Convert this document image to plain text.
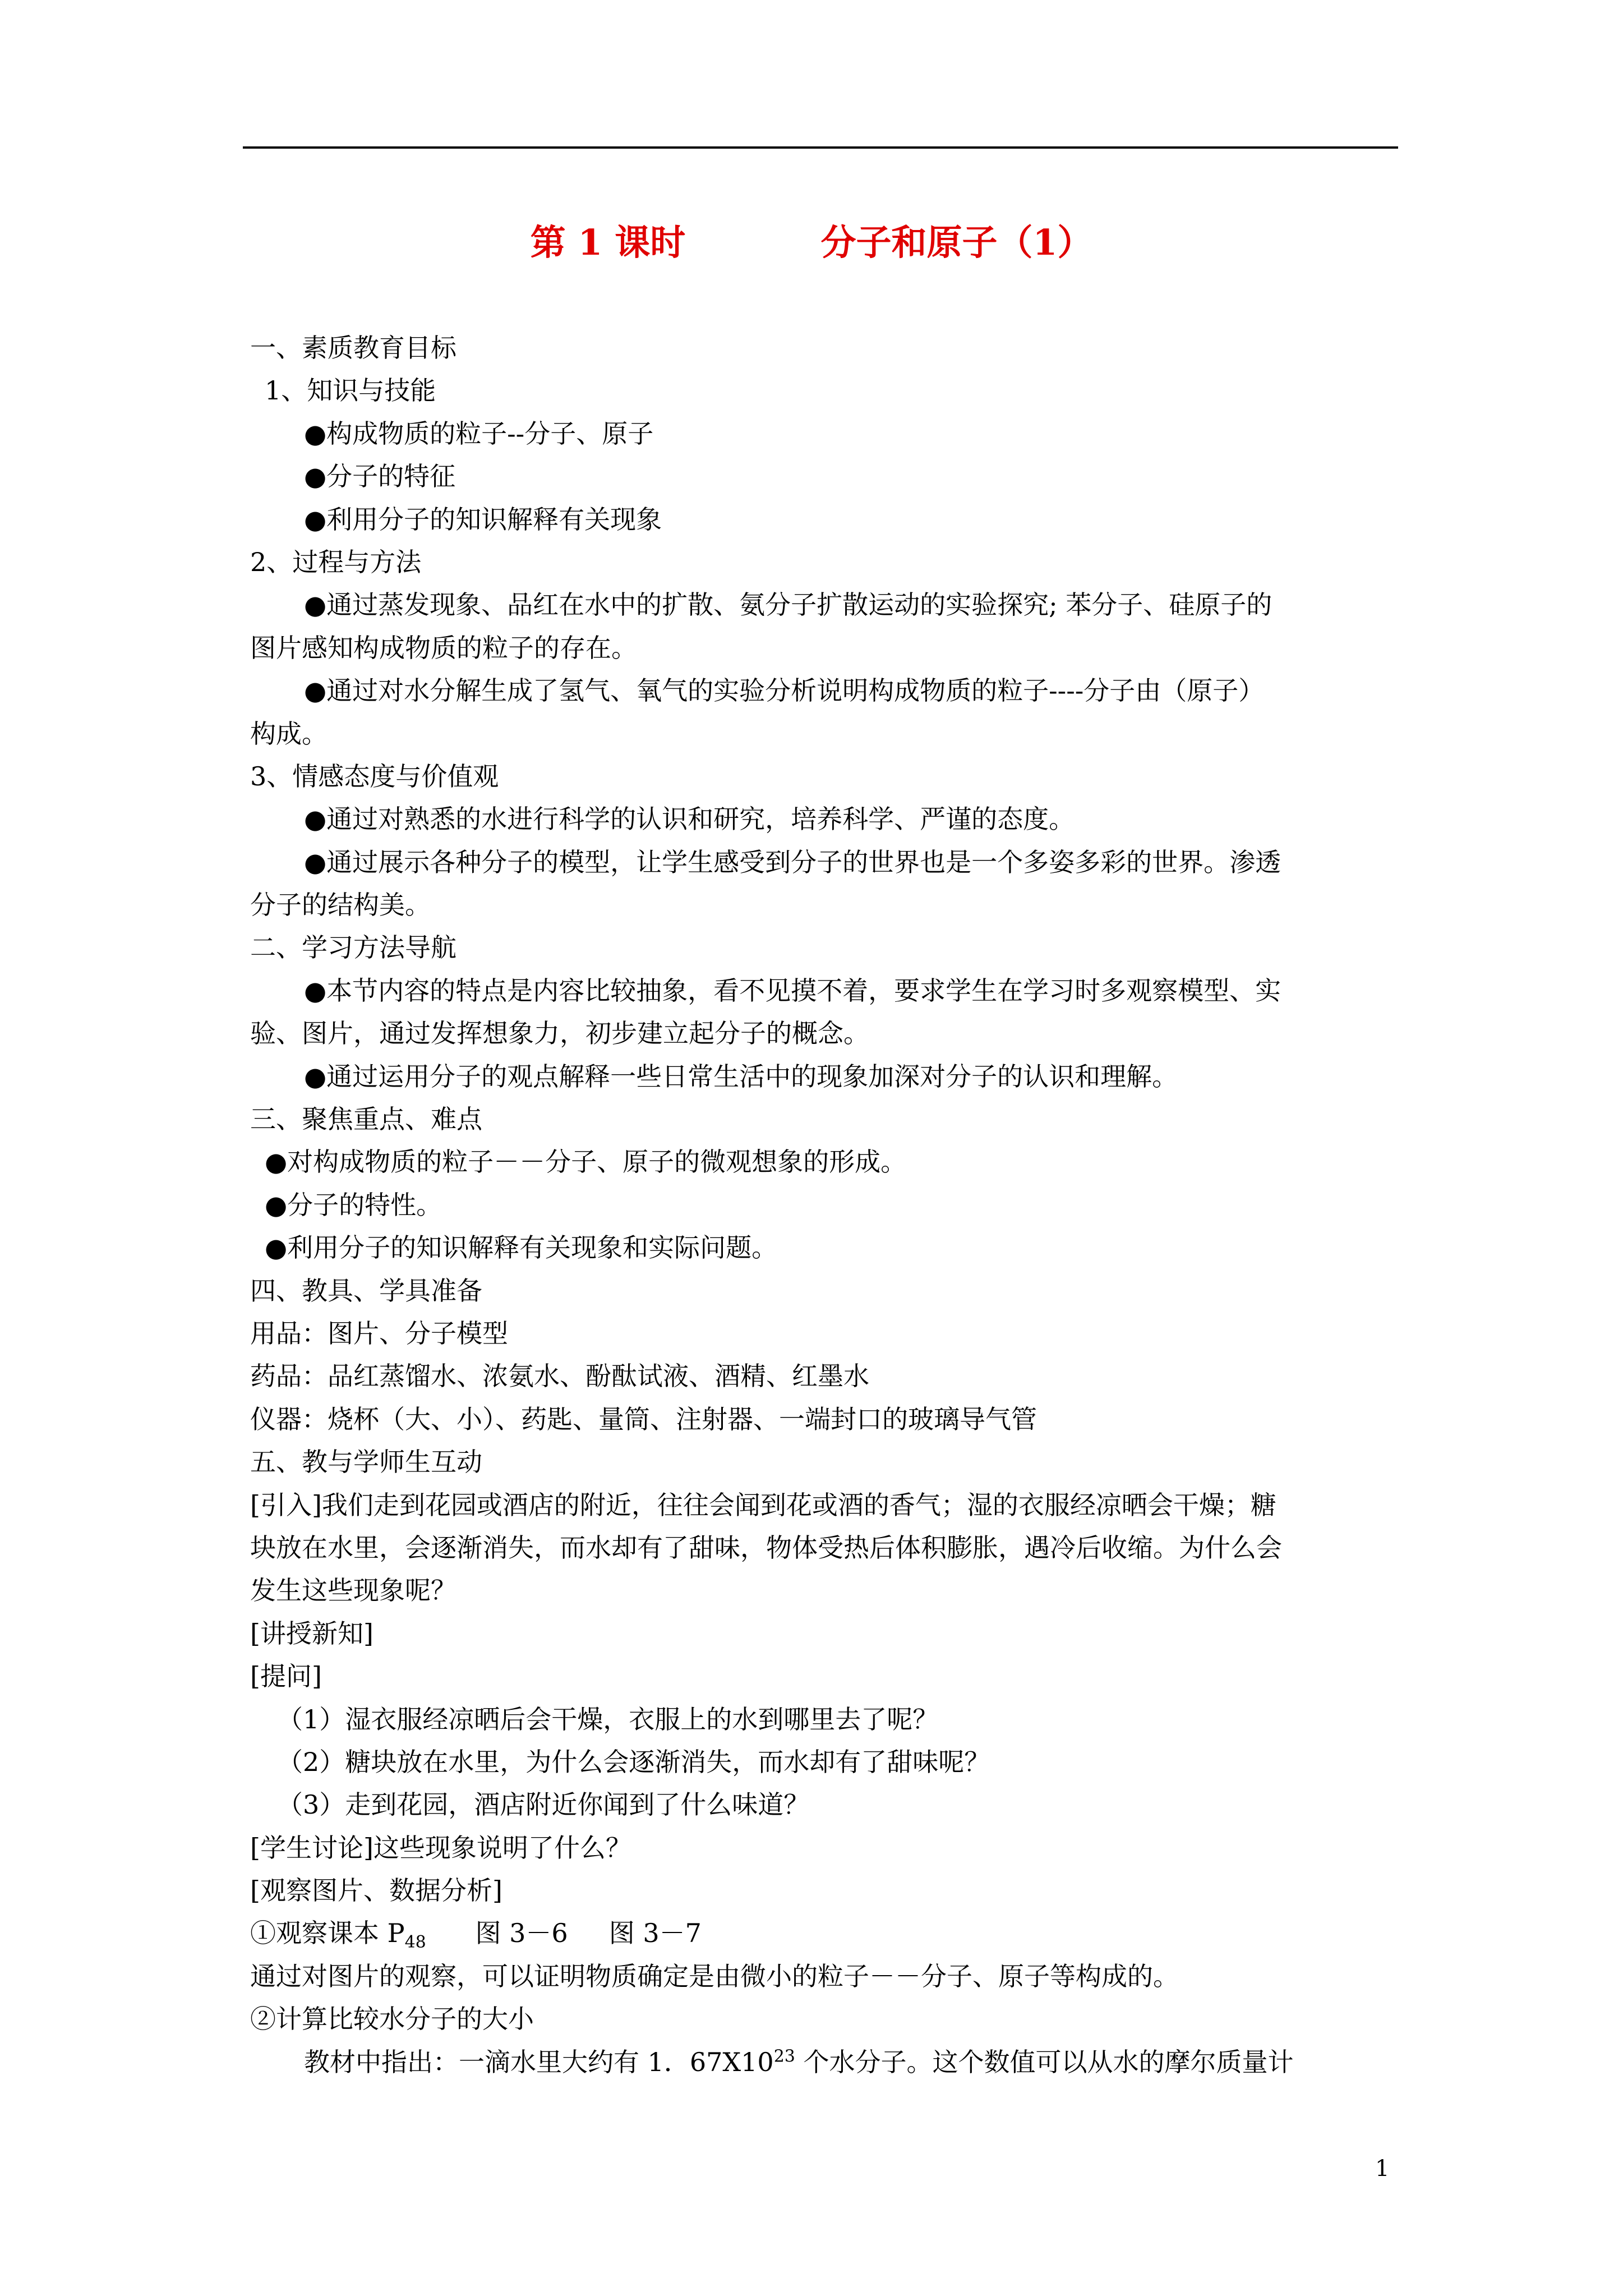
第 1 课时           分子和原子（1）
一、素质教育目标
1、知识与技能
●构成物质的粒子--分子、原子
●分子的特征
●利用分子的知识解释有关现象
2、过程与方法
●通过蒸发现象、品红在水中的扩散、氨分子扩散运动的实验探究; 苯分子、硅原子的
图片感知构成物质的粒子的存在。
●通过对水分解生成了氢气、氧气的实验分析说明构成物质的粒子----分子由（原子）
构成。
3、情感态度与价值观
●通过对熟悉的水进行科学的认识和研究，培养科学、严谨的态度。
●通过展示各种分子的模型，让学生感受到分子的世界也是一个多姿多彩的世界。渗透
分子的结构美。
二、学习方法导航
●本节内容的特点是内容比较抽象，看不见摸不着，要求学生在学习时多观察模型、实
验、图片，通过发挥想象力，初步建立起分子的概念。
●通过运用分子的观点解释一些日常生活中的现象加深对分子的认识和理解。
三、聚焦重点、难点
●对构成物质的粒子－－分子、原子的微观想象的形成。
●分子的特性。
●利用分子的知识解释有关现象和实际问题。
四、教具、学具准备
用品：图片、分子模型
药品：品红蒸馏水、浓氨水、酚酞试液、酒精、红墨水
仪器：烧杯（大、小）、药匙、量筒、注射器、一端封口的玻璃导气管
五、教与学师生互动
[引入]我们走到花园或酒店的附近，往往会闻到花或酒的香气；湿的衣服经凉晒会干燥；糖
块放在水里，会逐渐消失，而水却有了甜味，物体受热后体积膨胀，遇冷后收缩。为什么会
发生这些现象呢？
[讲授新知]
[提问]
（1）湿衣服经凉晒后会干燥，衣服上的水到哪里去了呢？
（2）糖块放在水里，为什么会逐渐消失，而水却有了甜味呢？
（3）走到花园，酒店附近你闻到了什么味道？
[学生讨论]这些现象说明了什么？
[观察图片、数据分析]
①观察课本 $P_{48}$      图 3－6     图 3－7
通过对图片的观察，可以证明物质确定是由微小的粒子－－分子、原子等构成的。
②计算比较水分子的大小
教材中指出：一滴水里大约有 1．$67X10^{23}$ 个水分子。这个数值可以从水的摩尔质量计
1
